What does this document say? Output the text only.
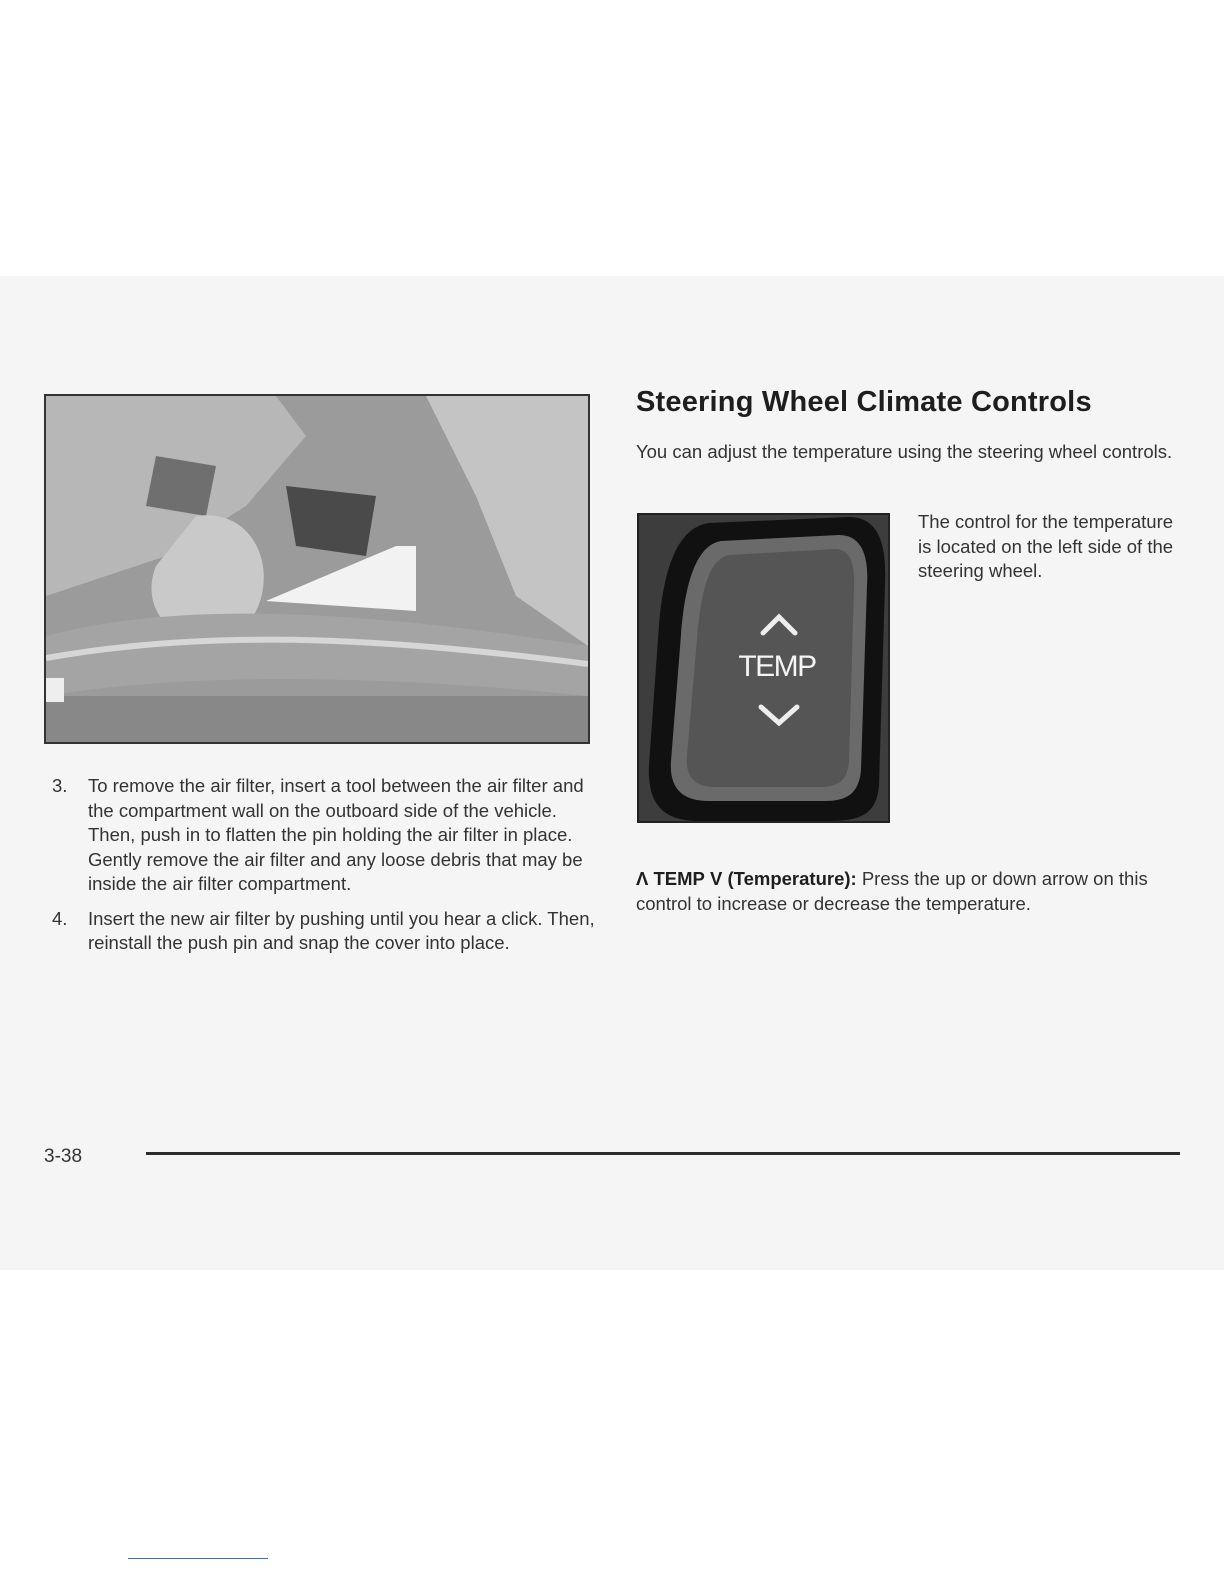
3.	To remove the air filter, insert a tool between the air filter and the compartment wall on the outboard side of the vehicle. Then, push in to flatten the pin holding the air filter in place. Gently remove the air filter and any loose debris that may be inside the air filter compartment.
4.	Insert the new air filter by pushing until you hear a click. Then, reinstall the push pin and snap the cover into place.
Steering Wheel Climate Controls

You can adjust the temperature using the steering wheel controls.

TEMP

The control for the temperature is located on the left side of the steering wheel.

Λ TEMP V (Temperature): Press the up or down arrow on this control to increase or decrease the temperature.

3-38
